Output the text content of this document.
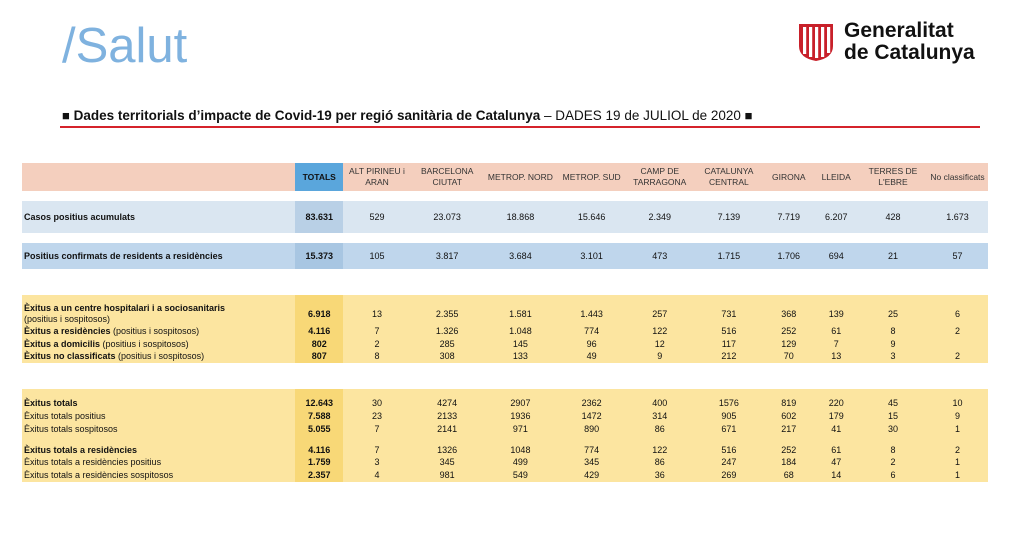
/Salut	Generalitat
de Catalunya
■ Dades territorials d’impacte de Covid-19 per regió sanitària de Catalunya – DADES 19 de JULIOL de 2020 ■
	TOTALS	ALT PIRINEU i ARAN	BARCELONA CIUTAT	METROP. NORD	METROP. SUD	CAMP DE TARRAGONA	CATALUNYA CENTRAL	GIRONA	LLEIDA	TERRES DE L'EBRE	No classificats

Casos positius acumulats	83.631	529	23.073	18.868	15.646	2.349	7.139	7.719	6.207	428	1.673

Positius confirmats de residents a residències	15.373	105	3.817	3.684	3.101	473	1.715	1.706	694	21	57

Èxitus a un centre hospitalari i a sociosanitaris
(positius i sospitosos)	6.918	13	2.355	1.581	1.443	257	731	368	139	25	6
Èxitus a residències (positius i sospitosos)	4.116	7	1.326	1.048	774	122	516	252	61	8	2
Èxitus a domicilis (positius i sospitosos)	802	2	285	145	96	12	117	129	7	9	
Èxitus no classificats (positius i sospitosos)	807	8	308	133	49	9	212	70	13	3	2

Èxitus totals	12.643	30	4274	2907	2362	400	1576	819	220	45	10
Èxitus totals positius	7.588	23	2133	1936	1472	314	905	602	179	15	9
Èxitus totals sospitosos	5.055	7	2141	971	890	86	671	217	41	30	1

Èxitus totals a residències	4.116	7	1326	1048	774	122	516	252	61	8	2
Èxitus totals a residències positius	1.759	3	345	499	345	86	247	184	47	2	1
Èxitus totals a residències sospitosos	2.357	4	981	549	429	36	269	68	14	6	1
